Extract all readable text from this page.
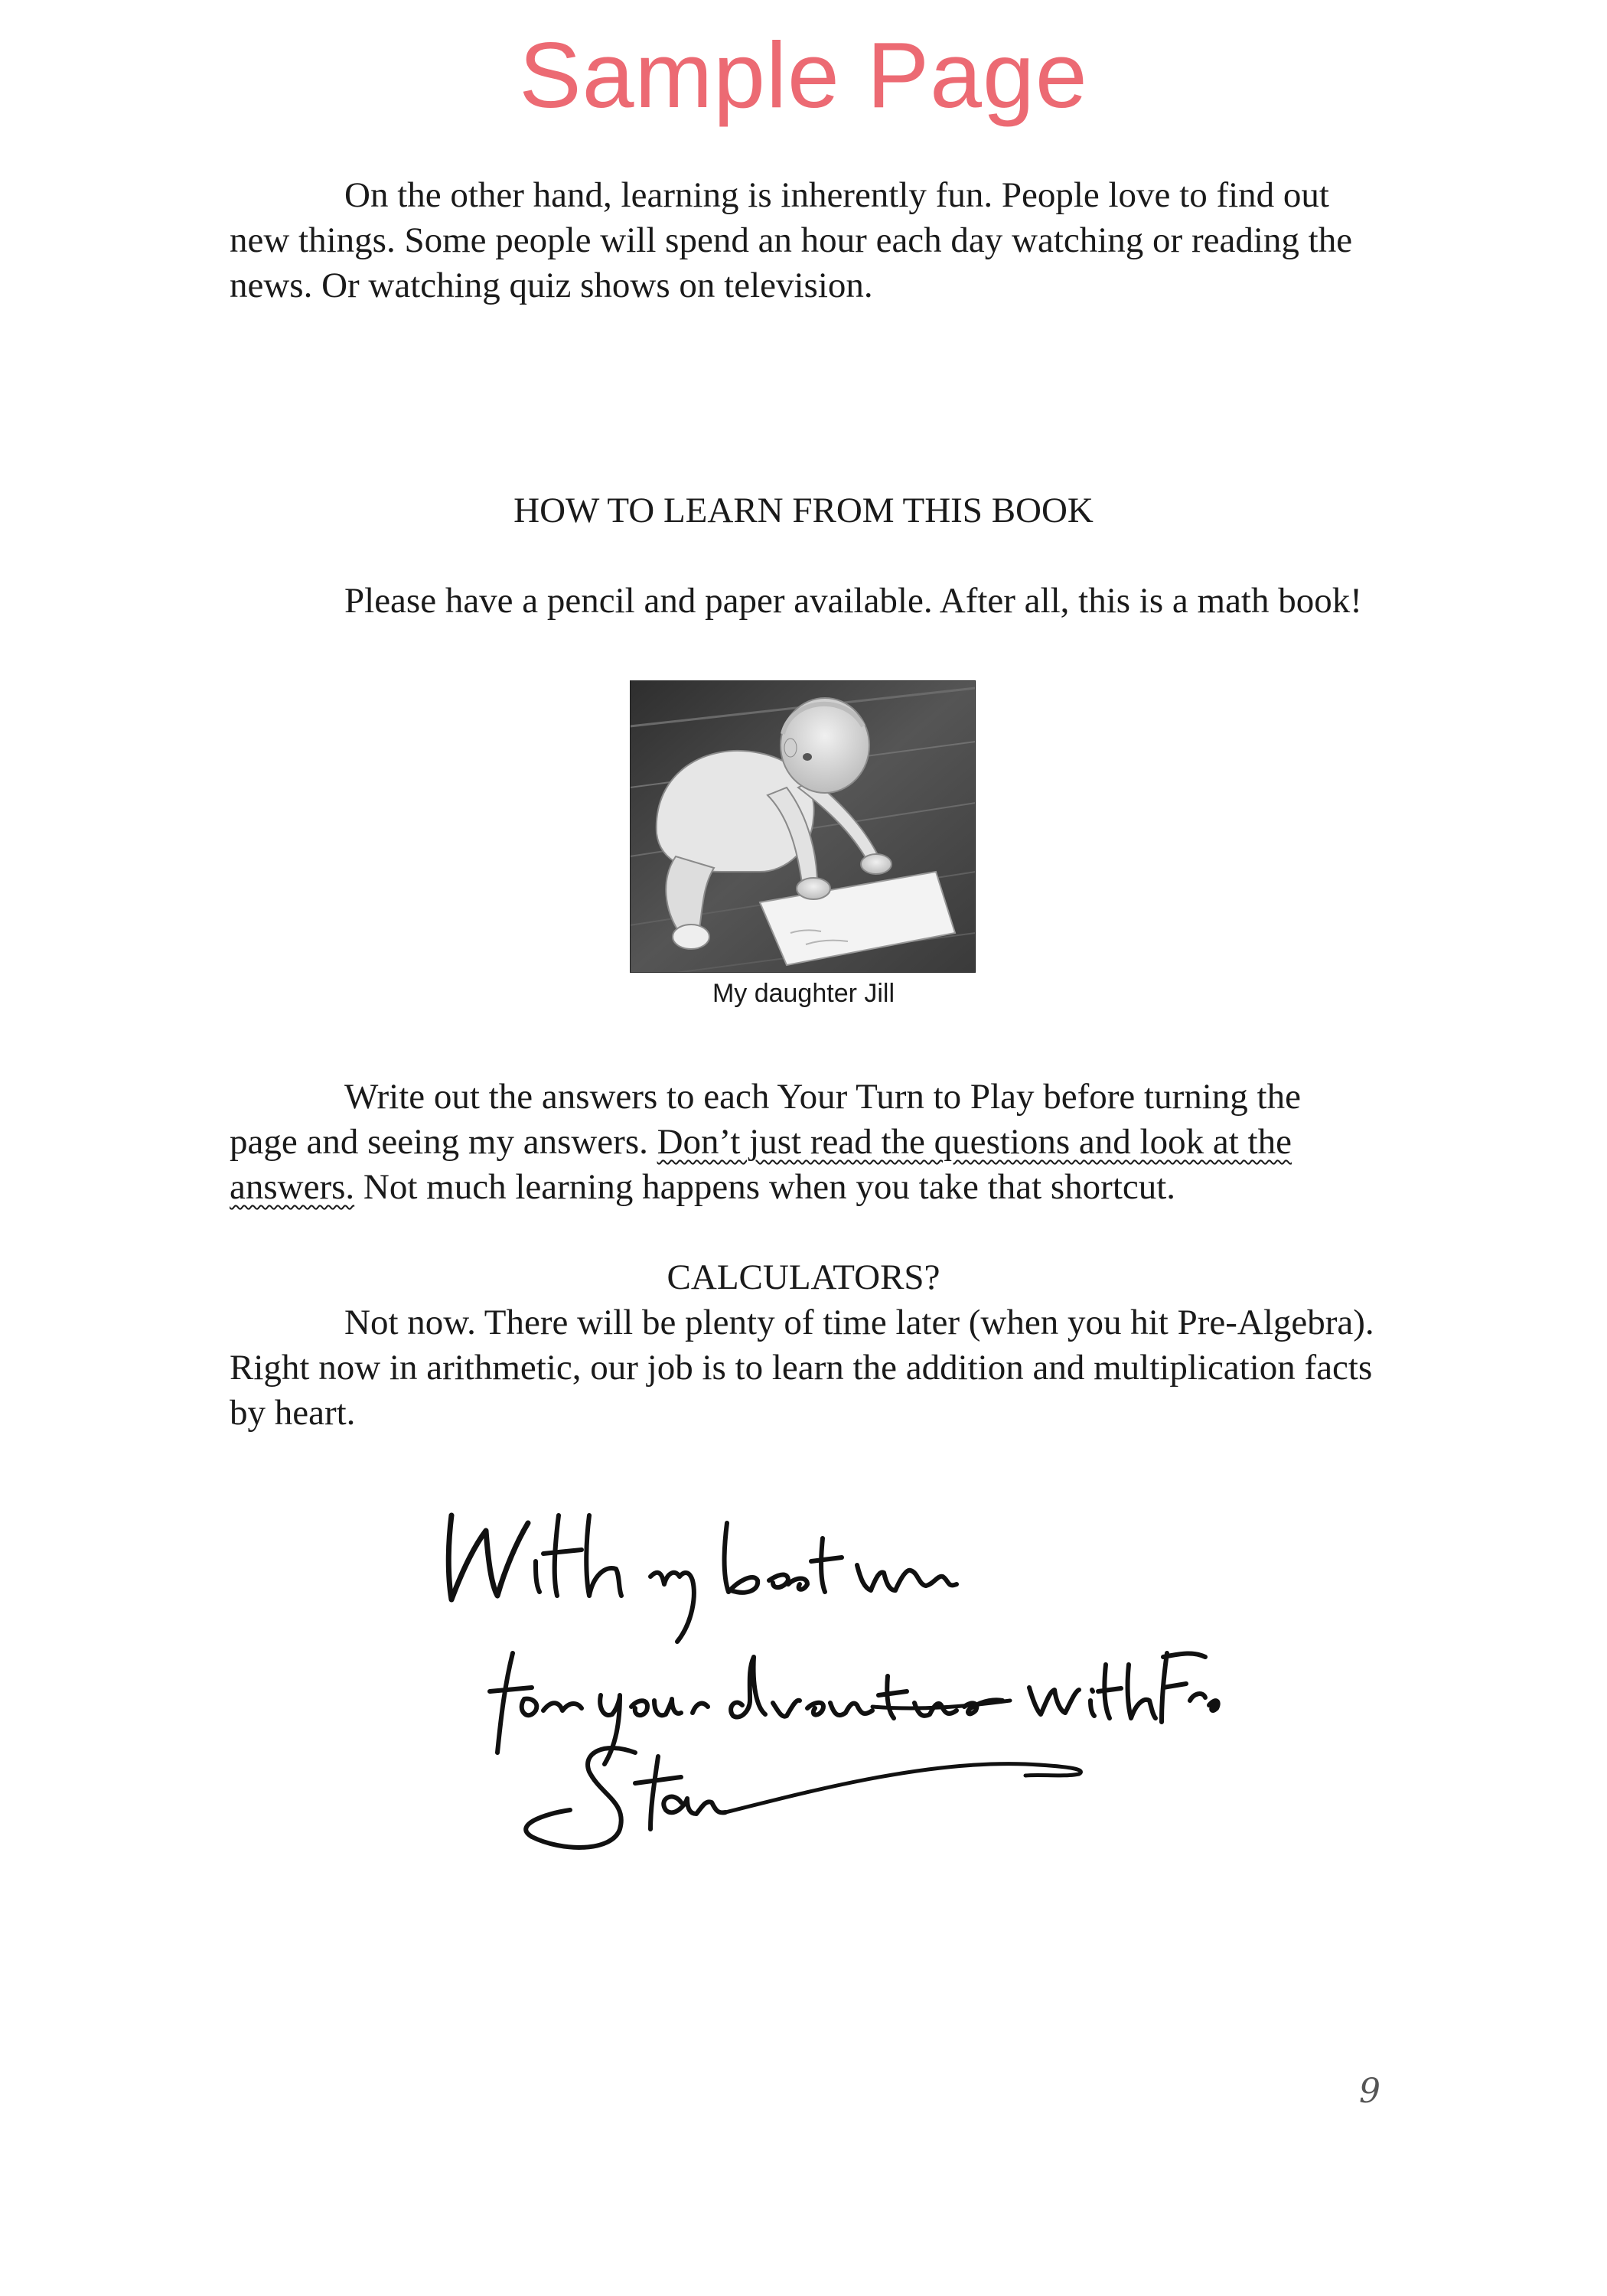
Sample Page

On the other hand, learning is inherently fun. People love to find out new things. Some people will spend an hour each day watching or reading the news. Or watching quiz shows on television.

HOW TO LEARN FROM THIS BOOK

Please have a pencil and paper available. After all, this is a math book!

My daughter Jill

Write out the answers to each Your Turn to Play before turning the page and seeing my answers. Don’t just read the questions and look at the answers. Not much learning happens when you take that shortcut.

CALCULATORS?

Not now. There will be plenty of time later (when you hit Pre-Algebra). Right now in arithmetic, our job is to learn the addition and multiplication facts by heart.

9
